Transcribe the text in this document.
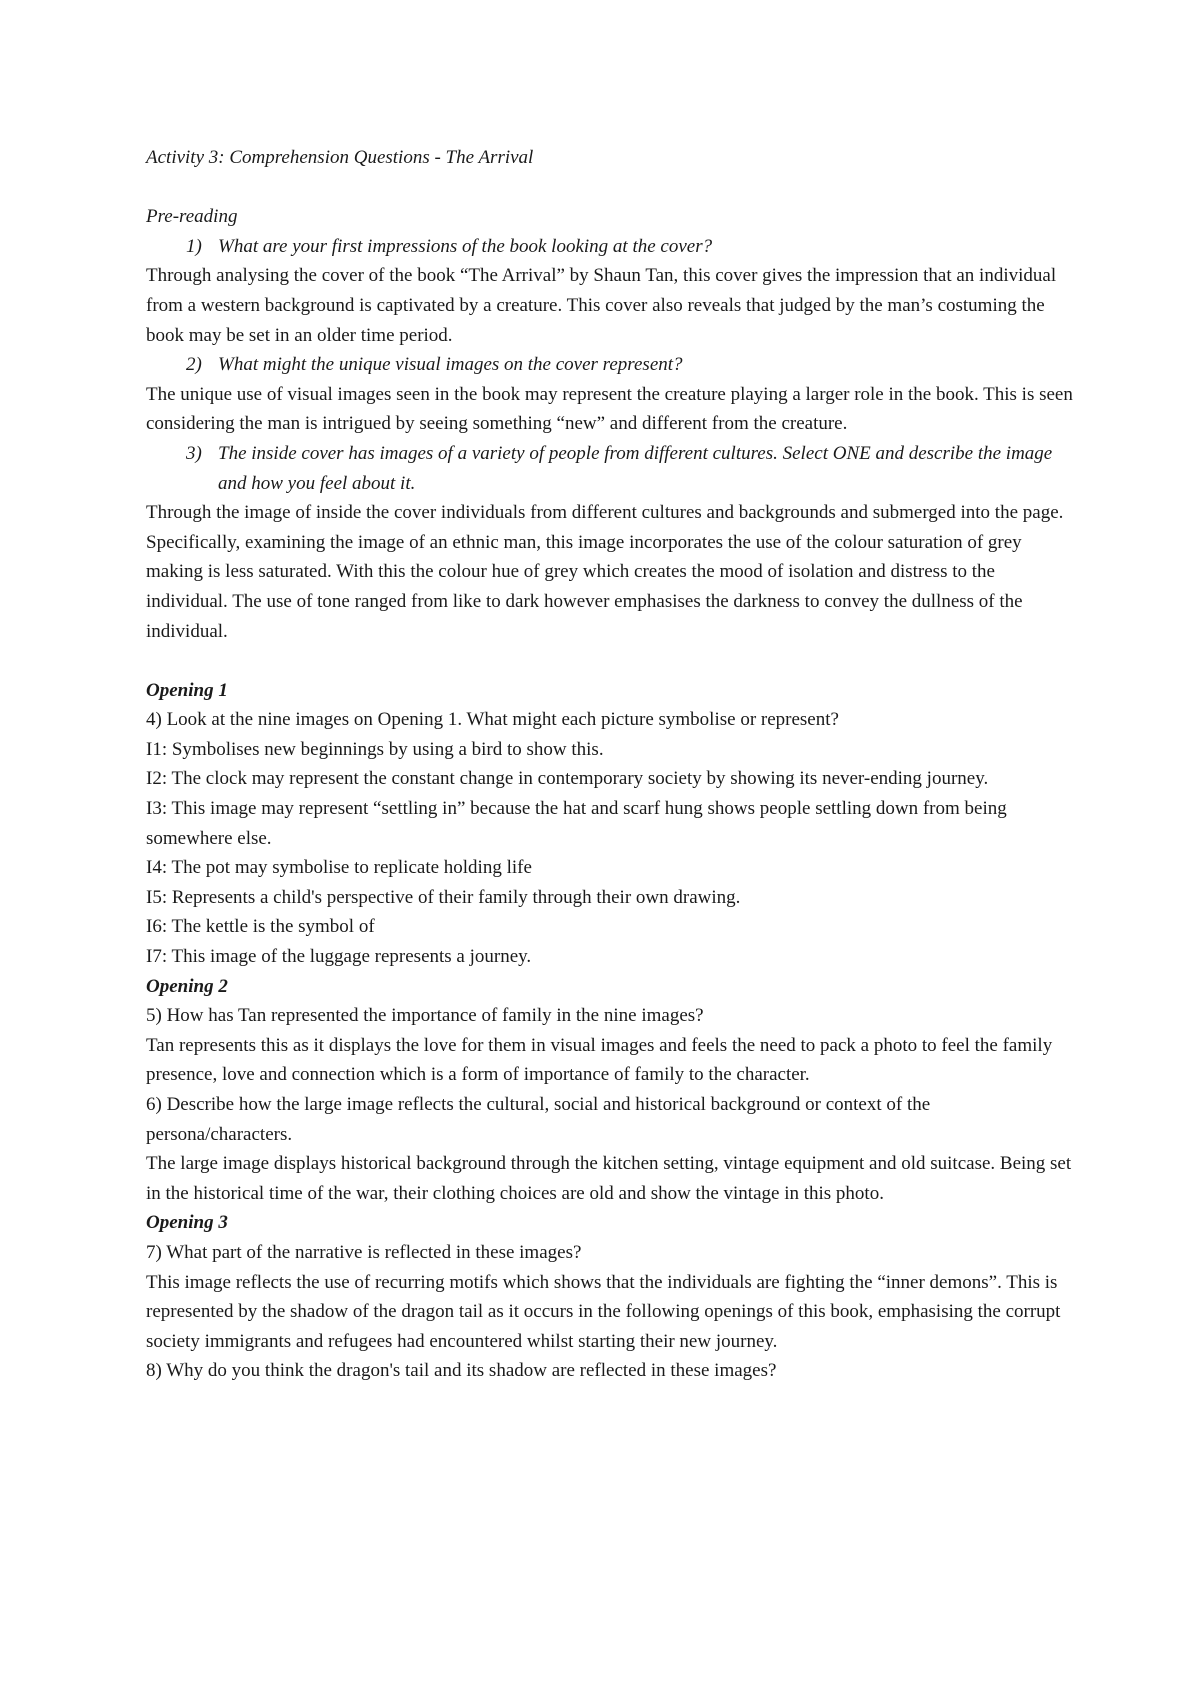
Activity 3: Comprehension Questions - The Arrival

Pre-reading

1) What are your first impressions of the book looking at the cover?

Through analysing the cover of the book “The Arrival” by Shaun Tan, this cover gives the impression that an individual from a western background is captivated by a creature. This cover also reveals that judged by the man’s costuming the book may be set in an older time period.

2) What might the unique visual images on the cover represent?

The unique use of visual images seen in the book may represent the creature playing a larger role in the book. This is seen considering the man is intrigued by seeing something “new” and different from the creature.

3) The inside cover has images of a variety of people from different cultures. Select ONE and describe the image and how you feel about it.

Through the image of inside the cover individuals from different cultures and backgrounds and submerged into the page. Specifically, examining the image of an ethnic man, this image incorporates the use of the colour saturation of grey making is less saturated. With this the colour hue of grey which creates the mood of isolation and distress to the individual. The use of tone ranged from like to dark however emphasises the darkness to convey the dullness of the individual.

Opening 1

4) Look at the nine images on Opening 1. What might each picture symbolise or represent?

I1: Symbolises new beginnings by using a bird to show this.

I2: The clock may represent the constant change in contemporary society by showing its never-ending journey.

I3: This image may represent “settling in” because the hat and scarf hung shows people settling down from being somewhere else.

I4: The pot may symbolise to replicate holding life

I5: Represents a child's perspective of their family through their own drawing.

I6: The kettle is the symbol of

I7: This image of the luggage represents a journey.

Opening 2

5) How has Tan represented the importance of family in the nine images?

Tan represents this as it displays the love for them in visual images and feels the need to pack a photo to feel the family presence, love and connection which is a form of importance of family to the character.

6) Describe how the large image reflects the cultural, social and historical background or context of the persona/characters.

The large image displays historical background through the kitchen setting, vintage equipment and old suitcase. Being set in the historical time of the war, their clothing choices are old and show the vintage in this photo.

Opening 3

7) What part of the narrative is reflected in these images?

This image reflects the use of recurring motifs which shows that the individuals are fighting the “inner demons”. This is represented by the shadow of the dragon tail as it occurs in the following openings of this book, emphasising the corrupt society immigrants and refugees had encountered whilst starting their new journey.

8) Why do you think the dragon's tail and its shadow are reflected in these images?
